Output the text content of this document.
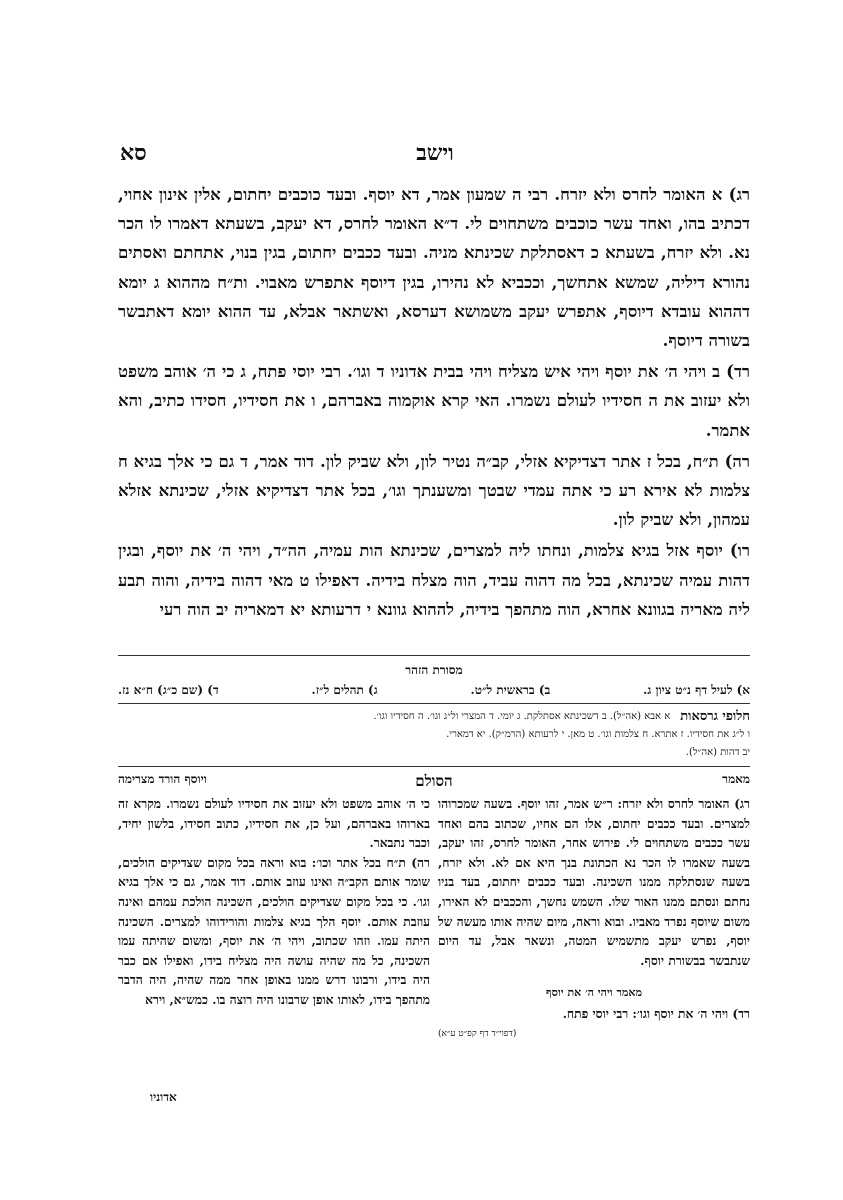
וישב
סא

רג) א האומר לחרס ולא יזרח. רבי ה שמעון אמר, דא יוסף. ובעד כוכבים יחתום, אלין אינון אחוי, דכתיב בהו, ואחד עשר כוכבים משתחוים לי. ד״א האומר לחרס, דא יעקב, בשעתא דאמרו לו הכר נא. ולא יזרח, בשעתא כ דאסתלקת שכינתא מניה. ובעד ככבים יחתום, בגין בנוי, אתחתם ואסתים נהורא דיליה, שמשא אתחשך, וככביא לא נהירו, בגין דיוסף אתפרש מאבוי. ות״ח מההוא ג יומא דההוא עובדא דיוסף, אתפרש יעקב משמושא דערסא, ואשתאר אבלא, עד ההוא יומא דאתבשר בשורה דיוסף.

רד) ב ויהי ה׳ את יוסף ויהי איש מצליח ויהי בבית אדוניו ד וגו׳. רבי יוסי פתח, ג כי ה׳ אוהב משפט ולא יעזוב את ה חסידיו לעולם נשמרו. האי קרא אוקמוה באברהם, ו את חסידיו, חסידו כתיב, והא אתמר.

רה) ת״ח, בכל ז אתר דצדיקיא אזלי, קב״ה נטיר לון, ולא שביק לון. דוד אמר, ד גם כי אלך בגיא ח צלמות לא אירא רע כי אתה עמדי שבטך ומשענתך וגו׳, בכל אתר דצדיקיא אזלי, שכינתא אזלא עמהון, ולא שביק לון.

רו) יוסף אזל בגיא צלמות, ונחתו ליה למצרים, שכינתא הות עמיה, הה״ד, ויהי ה׳ את יוסף, ובגין דהות עמיה שכינתא, בכל מה דהוה עביד, הוה מצלח בידיה. דאפילו ט מאי דהוה בידיה, והוה תבע ליה מאריה בגוונא אחרא, הוה מתהפך בידיה, לההוא גוונא י דרעותא יא דמאריה יב הוה רעי

מסורת הזהר
א) לעיל דף נ״ט ציון ג.
ב) בראשית ל״ט.
ג) תהלים ל״ז.
ד) (שם כ״ג) ח״א נז.
חלופי גרסאות
א אבא (אה״ל). ב דשכינתא אסתלקת. ג יומי. ד המצרי ול״ג וגו׳. ה חסידיו וגו׳.
ו ל״ג את חסידיו. ז אתרא. ח צלמות וגו׳. ט מאן. י לרעותא (הרמ״ק). יא דמארי.
יב דהות (אה״ל).
מאמר
הסולם
ויוסף הורד מצרימה

רג) האומר לחרס ולא יזרח: ר״ש אמר, זהו יוסף. בשעה שמכרוהו למצרים. ובעד ככבים יחתום, אלו הם אחיו, שכתוב בהם ואחד עשר ככבים משתחוים לי. פירוש אחר, האומר לחרס, זהו יעקב, בשעה שאמרו לו הכר נא הכתונת בנך היא אם לא. ולא יזרח, בשעה שנסתלקה ממנו השכינה. ובעד ככבים יחתום, בעד בניו נחתם ונסתם ממנו האור שלו. השמש נחשך, והככבים לא האירו, משום שיוסף נפרד מאביו. ובוא וראה, מיום שהיה אותו מעשה של יוסף, נפרש יעקב מתשמיש המטה, ונשאר אבל, עד היום שנתבשר בבשורת יוסף.

מאמר ויהי ה׳ את יוסף

רד) ויהי ה׳ את יוסף וגו׳: רבי יוסי פתח.

(דפוי״ד דף קפ״ט ע״א)

כי ה׳ אוהב משפט ולא יעזוב את חסידיו לעולם נשמרו. מקרא זה בארוהו באברהם, ועל כן, את חסידיו, כתוב חסידו, בלשון יחיד, וכבר נתבאר.

רה) ת״ח בכל אתר וכו׳: בוא וראה בכל מקום שצדיקים הולכים, שומר אותם הקב״ה ואינו עוזב אותם. דוד אמר, גם כי אלך בגיא וגו׳. כי בכל מקום שצדיקים הולכים, השכינה הולכת עמהם ואינה עוזבת אותם. יוסף הלך בגיא צלמות והורידוהו למצרים. השכינה היתה עמו. וזהו שכתוב, ויהי ה׳ את יוסף, ומשום שהיתה עמו השכינה, כל מה שהיה עושה היה מצליח בידו, ואפילו אם כבר היה בידו, ורבונו דרש ממנו באופן אחר ממה שהיה, היה הדבר מתהפך בידו, לאותו אופן שרבונו היה רוצה בו. כמש״א, וירא

אדוניו
